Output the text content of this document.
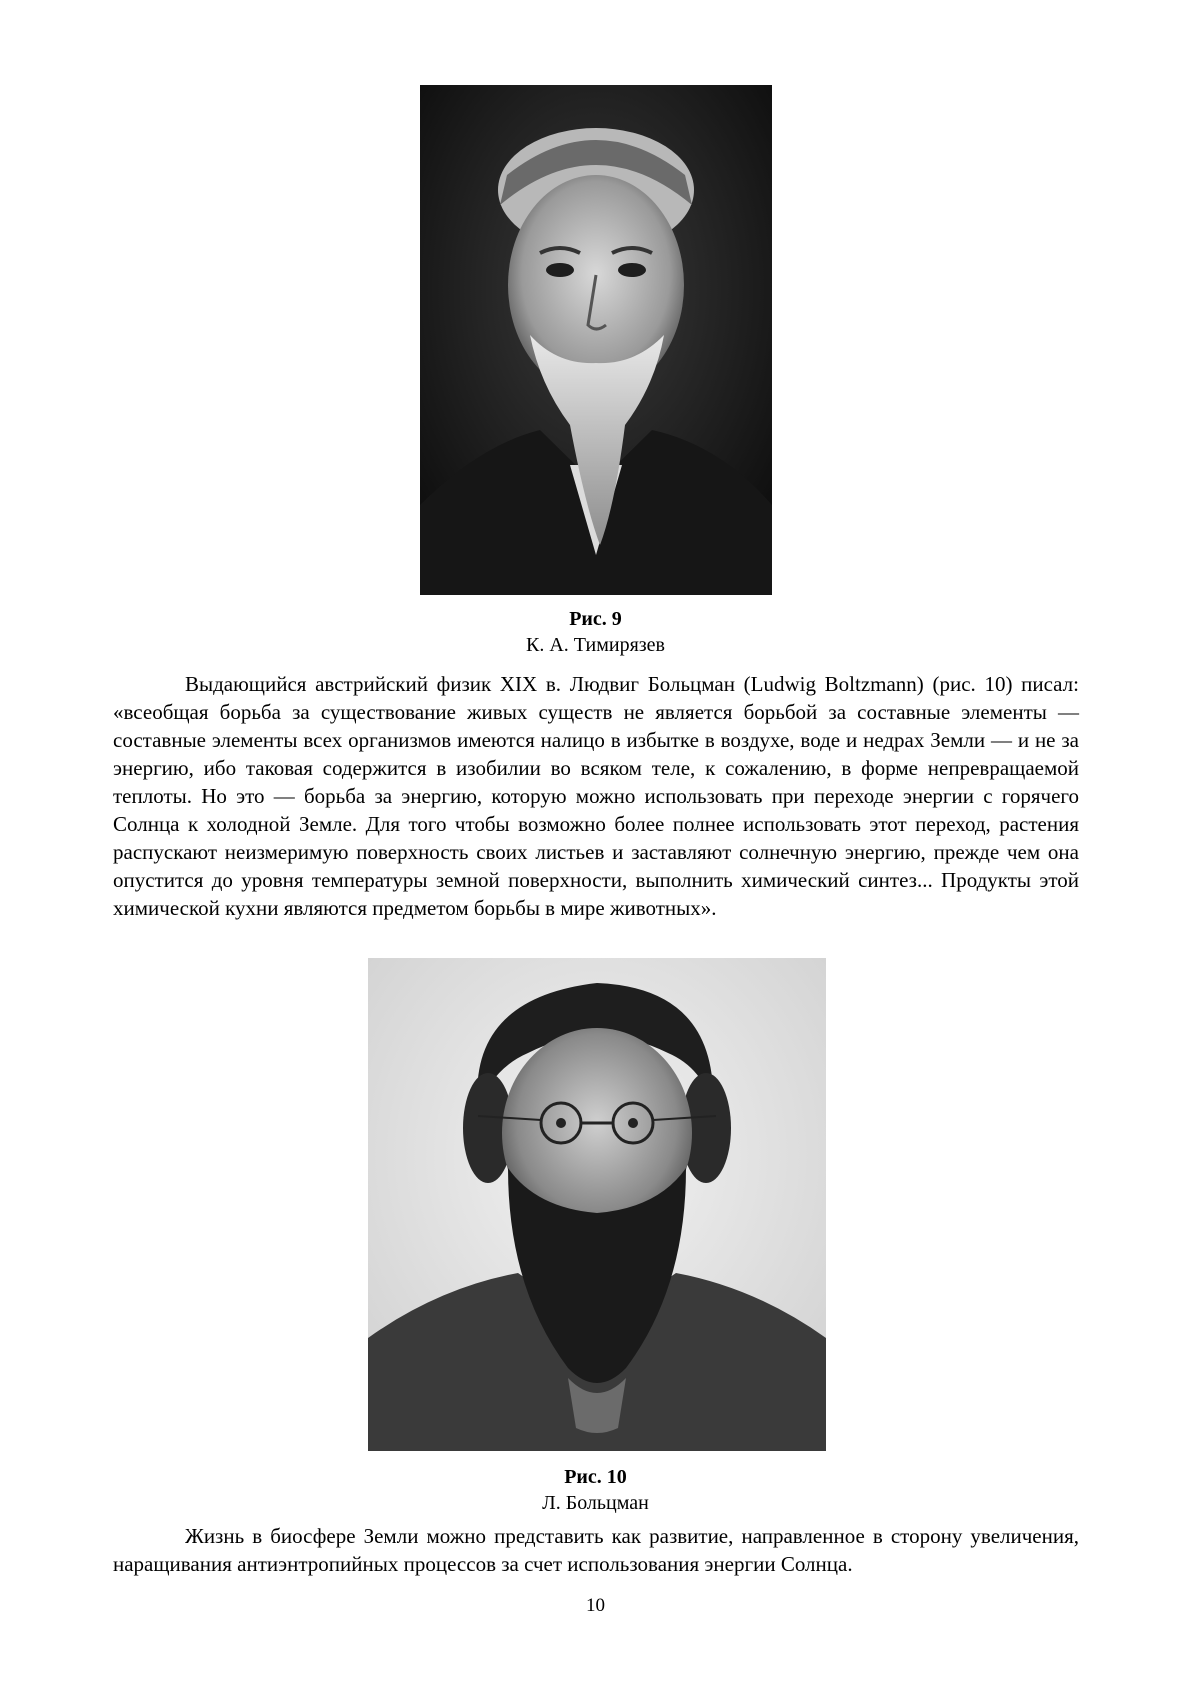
Рис. 9
К. А. Тимирязев

Выдающийся австрийский физик XIX в. Людвиг Больцман (Ludwig Boltzmann) (рис. 10) писал: «всеобщая борьба за существование живых существ не является борьбой за составные элементы — составные элементы всех организмов имеются налицо в избытке в воздухе, воде и недрах Земли — и не за энергию, ибо таковая содержится в изобилии во всяком теле, к сожалению, в форме непревращаемой теплоты. Но это — борьба за энергию, которую можно использовать при переходе энергии с горячего Солнца к холодной Земле. Для того чтобы возможно более полнее использовать этот переход, растения распускают неизмеримую поверхность своих листьев и заставляют солнечную энергию, прежде чем она опустится до уровня температуры земной поверхности, выполнить химический синтез... Продукты этой химической кухни являются предметом борьбы в мире животных».

Рис. 10
Л. Больцман

Жизнь в биосфере Земли можно представить как развитие, направленное в сторону увеличения, наращивания антиэнтропийных процессов за счет использования энергии Солнца.

10
